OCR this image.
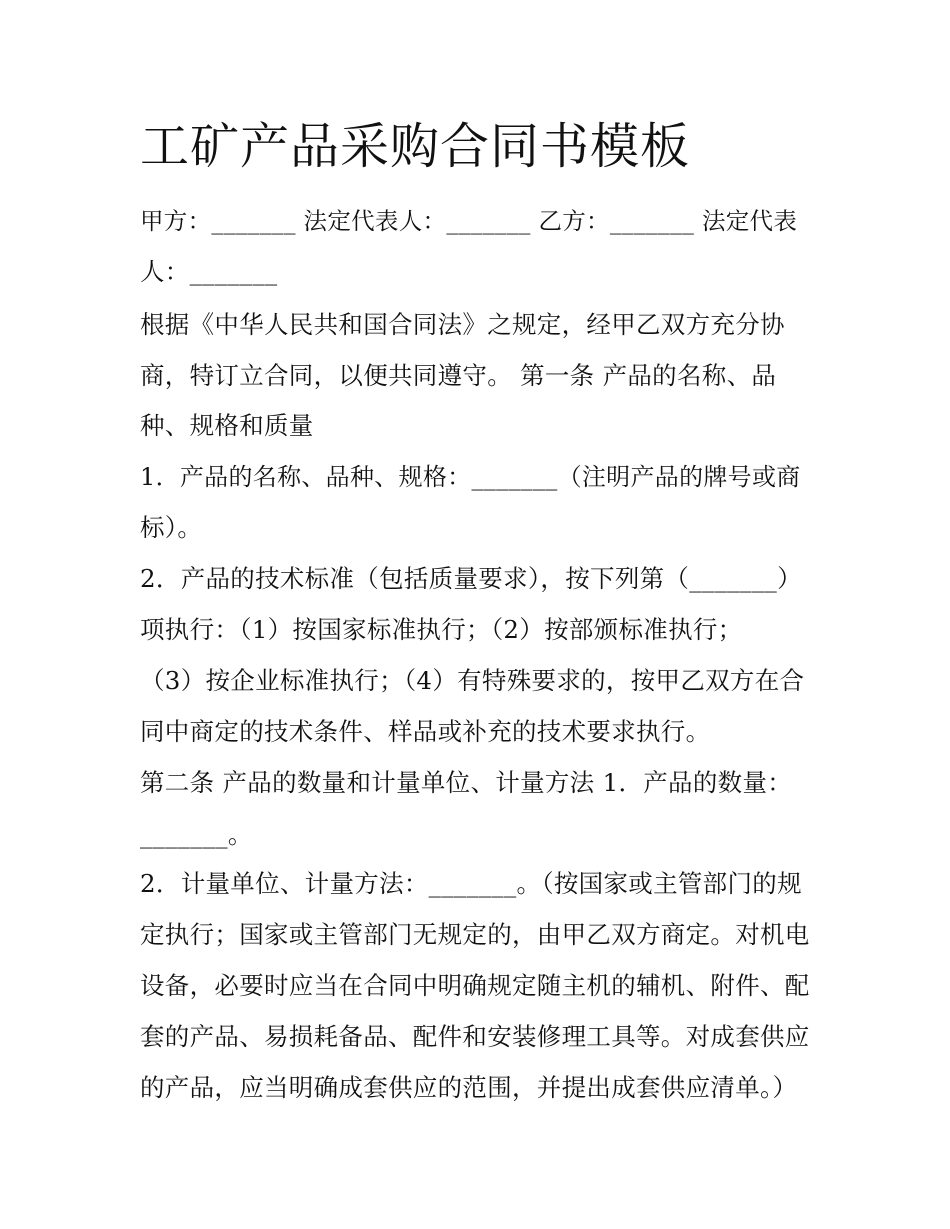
工矿产品采购合同书模板

甲方：_______ 法定代表人：_______ 乙方：_______ 法定代表

人：_______

根据《中华人民共和国合同法》之规定，经甲乙双方充分协

商，特订立合同，以便共同遵守。 第一条 产品的名称、品

种、规格和质量

1．产品的名称、品种、规格：_______（注明产品的牌号或商

标）。

2．产品的技术标准（包括质量要求），按下列第（_______）

项执行：（1）按国家标准执行；（2）按部颁标准执行；

（3）按企业标准执行；（4）有特殊要求的，按甲乙双方在合

同中商定的技术条件、样品或补充的技术要求执行。

第二条 产品的数量和计量单位、计量方法 1．产品的数量：

_______。

2．计量单位、计量方法：_______。（按国家或主管部门的规

定执行；国家或主管部门无规定的，由甲乙双方商定。对机电

设备，必要时应当在合同中明确规定随主机的辅机、附件、配

套的产品、易损耗备品、配件和安装修理工具等。对成套供应

的产品，应当明确成套供应的范围，并提出成套供应清单。）
